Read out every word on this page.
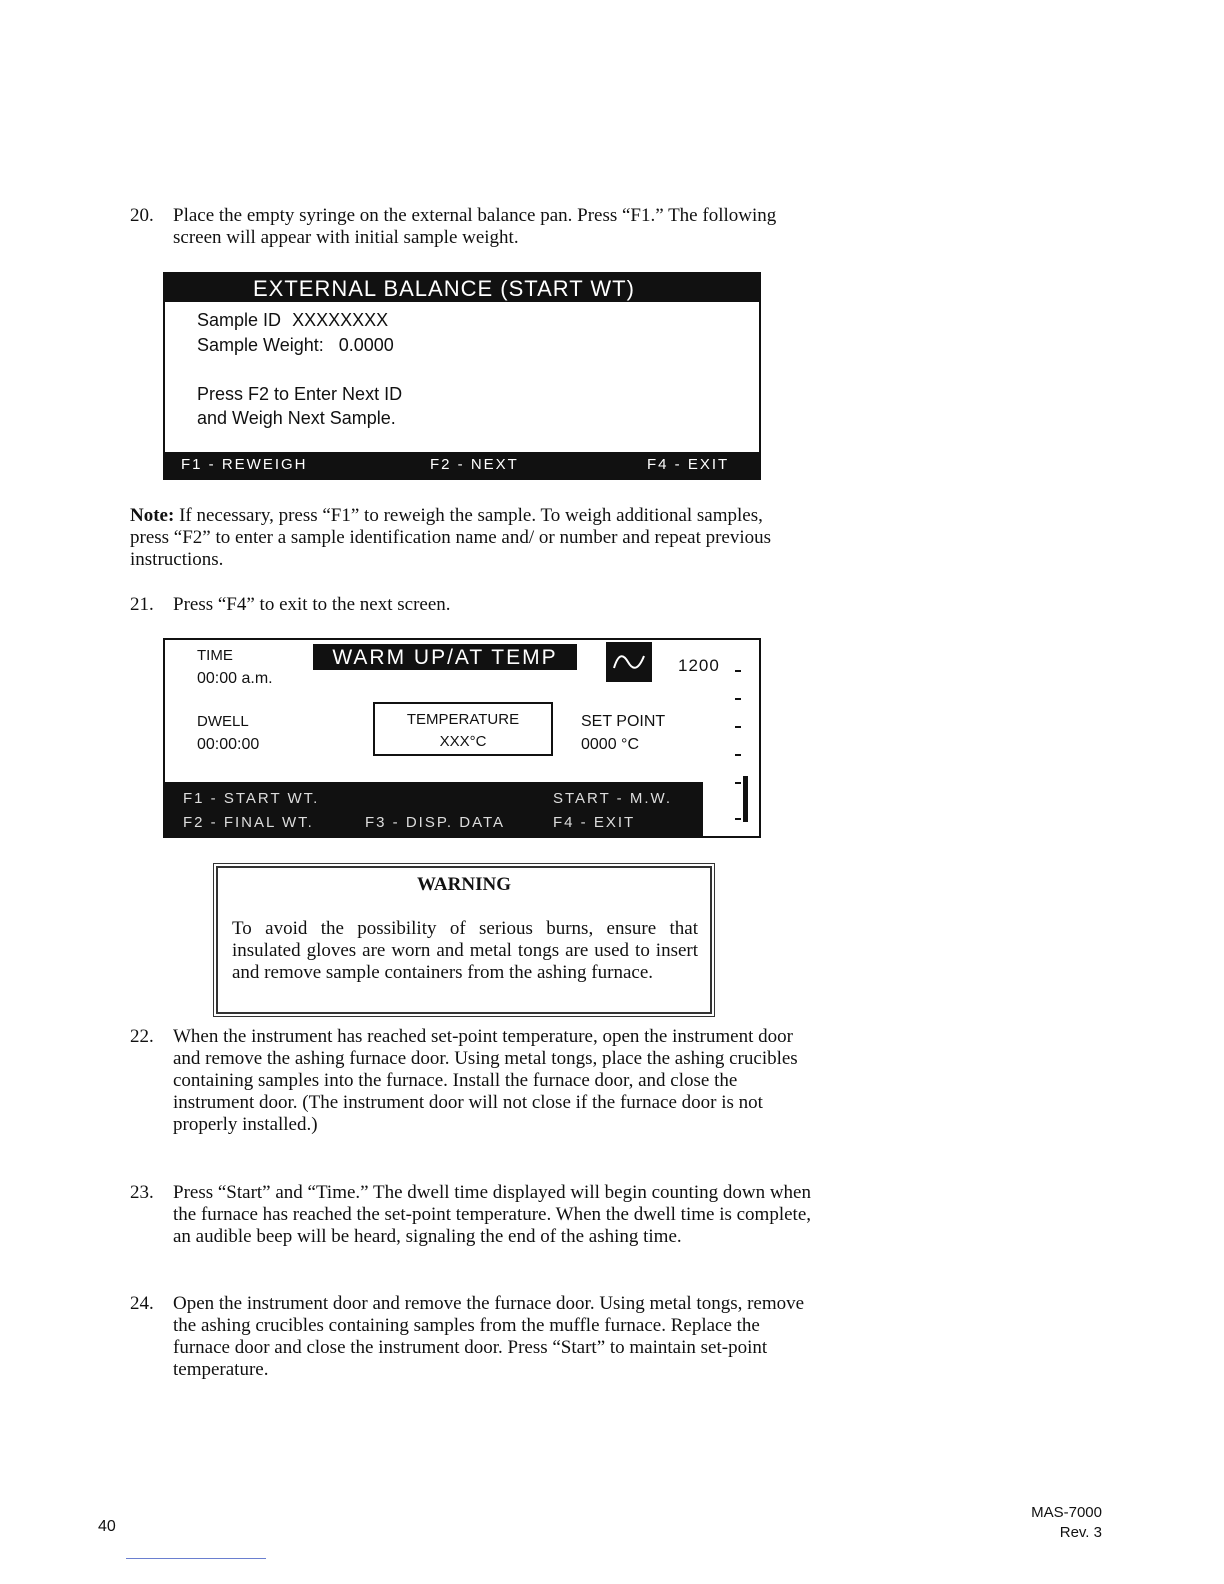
20.	Place the empty syringe on the external balance pan. Press “F1.” The following screen will appear with initial sample weight.
EXTERNAL BALANCE (START WT)
Sample ID XXXXXXXX
Sample Weight: 0.0000
Press F2 to Enter Next ID
and Weigh Next Sample.
F1 - REWEIGH	F2 - NEXT	F4 - EXIT
Note: If necessary, press “F1” to reweigh the sample. To weigh additional samples, press “F2” to enter a sample identification name and/ or number and repeat previous instructions.
21.	Press “F4” to exit to the next screen.
TIME
00:00 a.m.
WARM UP/AT TEMP	1200
DWELL
00:00:00
TEMPERATURE
XXX°C
SET POINT
0000 °C
F1 - START WT.	START - M.W.
F2 - FINAL WT.	F3 - DISP. DATA	F4 - EXIT
WARNING
To avoid the possibility of serious burns, ensure that insulated gloves are worn and metal tongs are used to insert and remove sample containers from the ashing furnace.
22.	When the instrument has reached set-point temperature, open the instrument door and remove the ashing furnace door. Using metal tongs, place the ashing crucibles containing samples into the furnace. Install the furnace door, and close the instrument door. (The instrument door will not close if the furnace door is not properly installed.)
23.	Press “Start” and “Time.” The dwell time displayed will begin counting down when the furnace has reached the set-point temperature. When the dwell time is complete, an audible beep will be heard, signaling the end of the ashing time.
24.	Open the instrument door and remove the furnace door. Using metal tongs, remove the ashing crucibles containing samples from the muffle furnace. Replace the furnace door and close the instrument door. Press “Start” to maintain set-point temperature.
40
MAS-7000
Rev. 3
